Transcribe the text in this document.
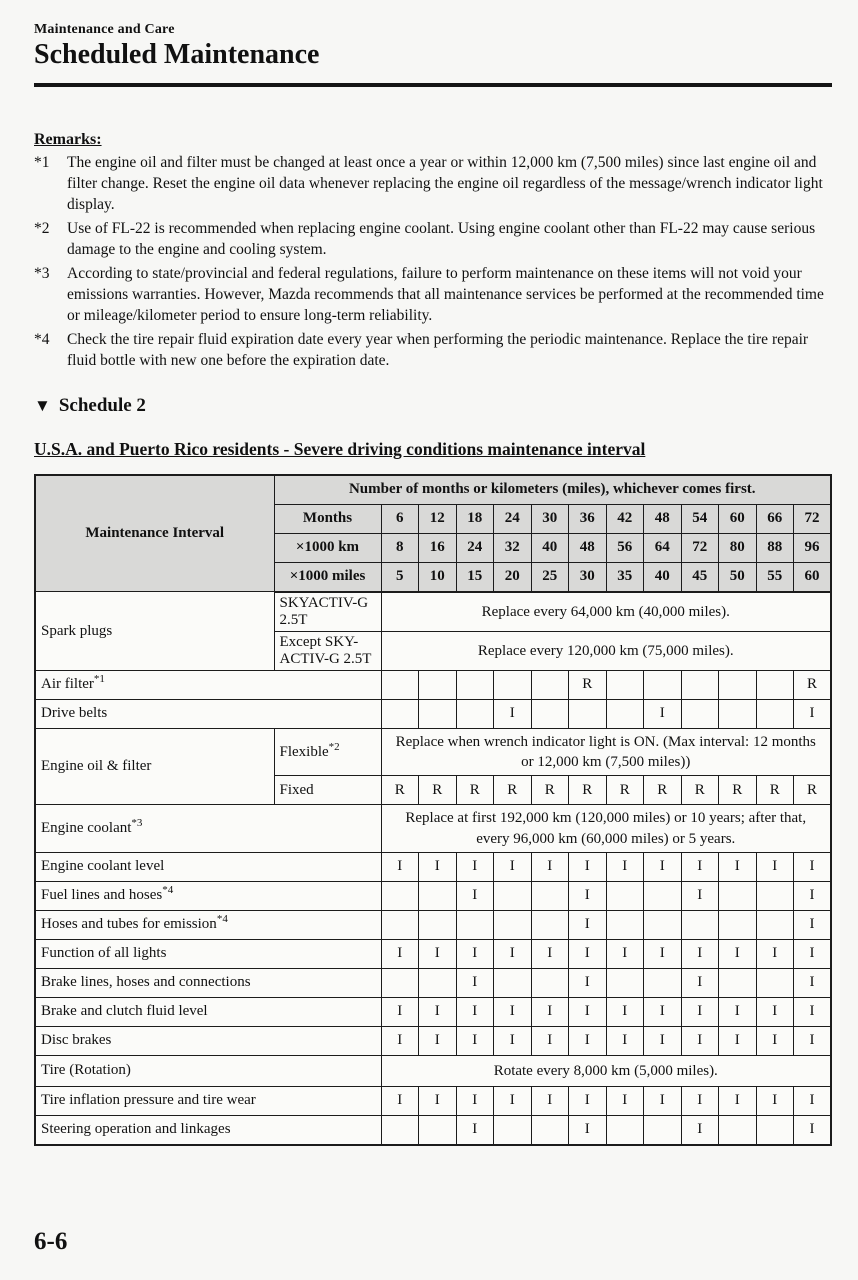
Maintenance and Care
Scheduled Maintenance
Remarks:
*1	The engine oil and filter must be changed at least once a year or within 12,000 km (7,500 miles) since last engine oil and filter change. Reset the engine oil data whenever replacing the engine oil regardless of the message/wrench indicator light display.
*2	Use of FL-22 is recommended when replacing engine coolant. Using engine coolant other than FL-22 may cause serious damage to the engine and cooling system.
*3	According to state/provincial and federal regulations, failure to perform maintenance on these items will not void your emissions warranties. However, Mazda recommends that all maintenance services be performed at the recommended time or mileage/kilometer period to ensure long-term reliability.
*4	Check the tire repair fluid expiration date every year when performing the periodic maintenance. Replace the tire repair fluid bottle with new one before the expiration date.
▼ Schedule 2
U.S.A. and Puerto Rico residents - Severe driving conditions maintenance interval
Maintenance Interval	Number of months or kilometers (miles), whichever comes first.												
	Months	6	12	18	24	30	36	42	48	54	60	66	72
	×1000 km	8	16	24	32	40	48	56	64	72	80	88	96
	×1000 miles	5	10	15	20	25	30	35	40	45	50	55	60
Spark plugs	SKYACTIV-G 2.5T	Replace every 64,000 km (40,000 miles).											
	Except SKY-ACTIV-G 2.5T	Replace every 120,000 km (75,000 miles).											
Air filter$^{*1}$							R						R
Drive belts					I				I				I
Engine oil & filter	Flexible$^{*2}$	Replace when wrench indicator light is ON. (Max interval: 12 months or 12,000 km (7,500 miles))											
	Fixed	R	R	R	R	R	R	R	R	R	R	R	R
Engine coolant$^{*3}$		Replace at first 192,000 km (120,000 miles) or 10 years; after that, every 96,000 km (60,000 miles) or 5 years.											
Engine coolant level		I	I	I	I	I	I	I	I	I	I	I	I
Fuel lines and hoses$^{*4}$				I			I			I			I
Hoses and tubes for emission$^{*4}$							I						I
Function of all lights		I	I	I	I	I	I	I	I	I	I	I	I
Brake lines, hoses and connections				I			I			I			I
Brake and clutch fluid level		I	I	I	I	I	I	I	I	I	I	I	I
Disc brakes		I	I	I	I	I	I	I	I	I	I	I	I
Tire (Rotation)		Rotate every 8,000 km (5,000 miles).											
Tire inflation pressure and tire wear		I	I	I	I	I	I	I	I	I	I	I	I
Steering operation and linkages				I			I			I			I
6-6
